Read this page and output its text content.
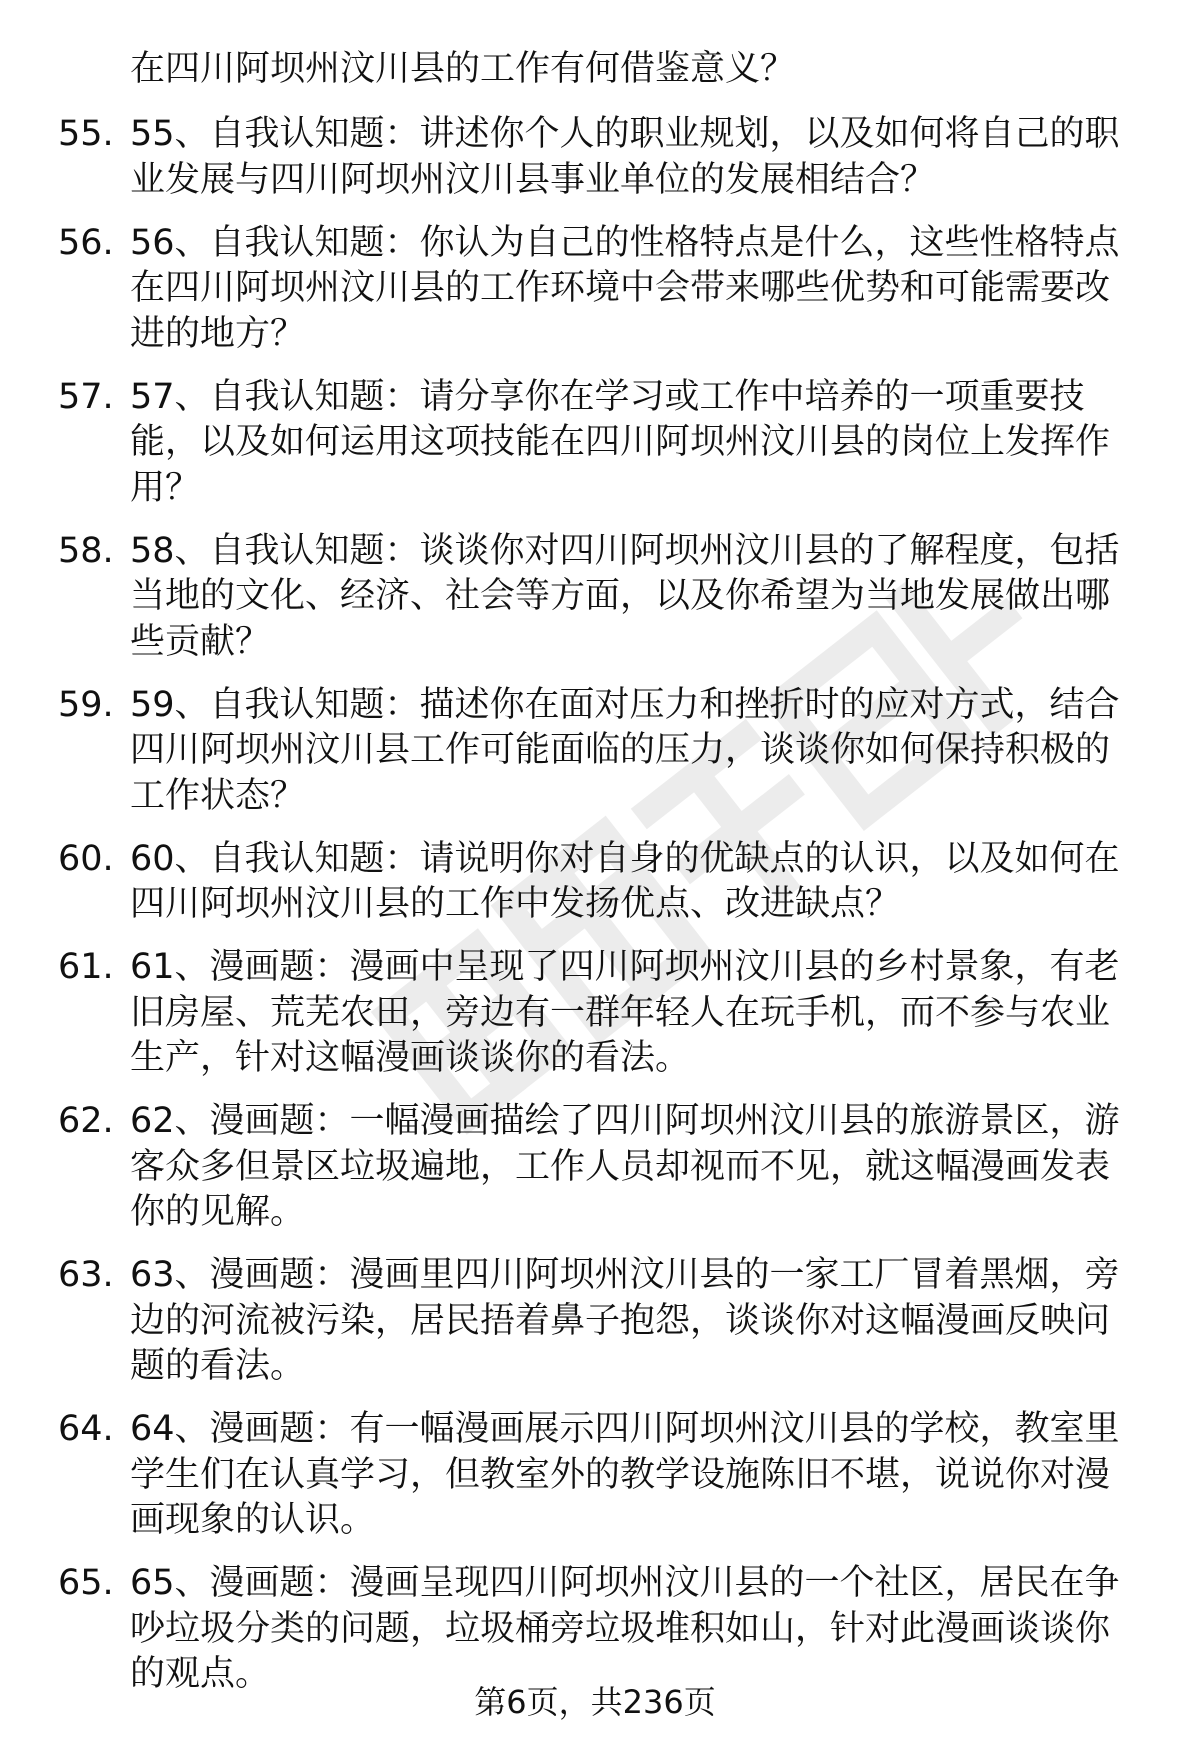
在四川阿坝州汶川县的工作有何借鉴意义？

55. 55、自我认知题：讲述你个人的职业规划，以及如何将自己的职业发展与四川阿坝州汶川县事业单位的发展相结合？
56. 56、自我认知题：你认为自己的性格特点是什么，这些性格特点在四川阿坝州汶川县的工作环境中会带来哪些优势和可能需要改进的地方？
57. 57、自我认知题：请分享你在学习或工作中培养的一项重要技能，以及如何运用这项技能在四川阿坝州汶川县的岗位上发挥作用？
58. 58、自我认知题：谈谈你对四川阿坝州汶川县的了解程度，包括当地的文化、经济、社会等方面，以及你希望为当地发展做出哪些贡献？
59. 59、自我认知题：描述你在面对压力和挫折时的应对方式，结合四川阿坝州汶川县工作可能面临的压力，谈谈你如何保持积极的工作状态？
60. 60、自我认知题：请说明你对自身的优缺点的认识，以及如何在四川阿坝州汶川县的工作中发扬优点、改进缺点？
61. 61、漫画题：漫画中呈现了四川阿坝州汶川县的乡村景象，有老旧房屋、荒芜农田，旁边有一群年轻人在玩手机，而不参与农业生产，针对这幅漫画谈谈你的看法。
62. 62、漫画题：一幅漫画描绘了四川阿坝州汶川县的旅游景区，游客众多但景区垃圾遍地，工作人员却视而不见，就这幅漫画发表你的见解。
63. 63、漫画题：漫画里四川阿坝州汶川县的一家工厂冒着黑烟，旁边的河流被污染，居民捂着鼻子抱怨，谈谈你对这幅漫画反映问题的看法。
64. 64、漫画题：有一幅漫画展示四川阿坝州汶川县的学校，教室里学生们在认真学习，但教室外的教学设施陈旧不堪，说说你对漫画现象的认识。
65. 65、漫画题：漫画呈现四川阿坝州汶川县的一个社区，居民在争吵垃圾分类的问题，垃圾桶旁垃圾堆积如山，针对此漫画谈谈你的观点。
第6页，共236页
